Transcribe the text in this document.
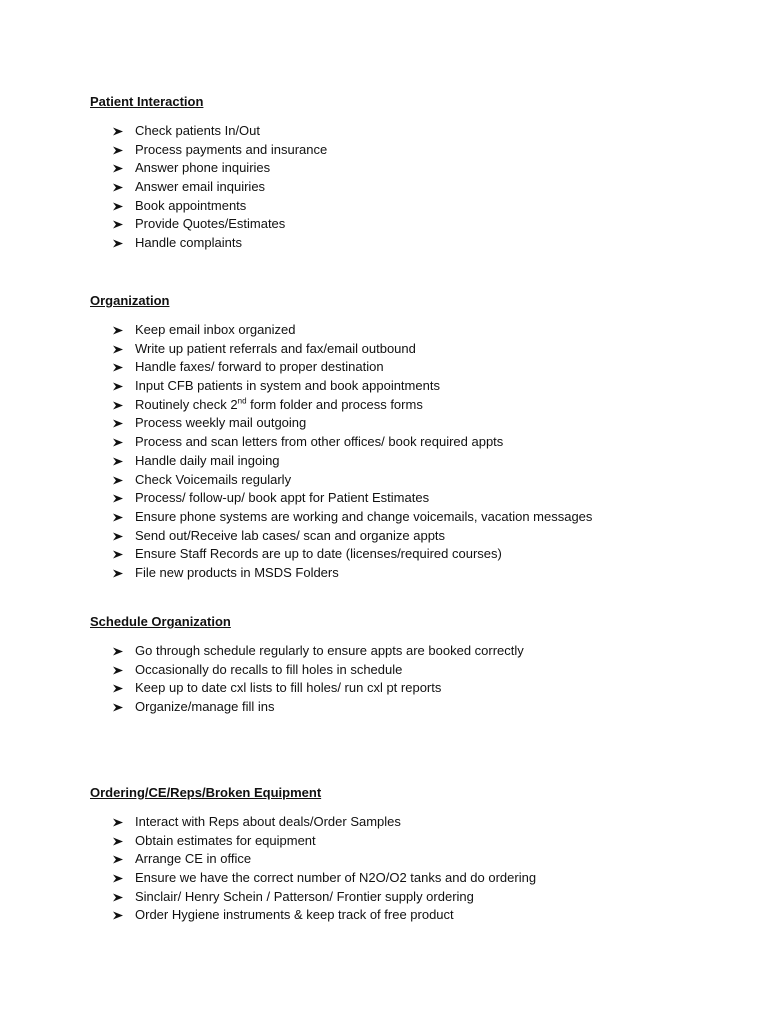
Patient Interaction
Check patients In/Out
Process payments and insurance
Answer phone inquiries
Answer email inquiries
Book appointments
Provide Quotes/Estimates
Handle complaints
Organization
Keep email inbox organized
Write up patient referrals and fax/email outbound
Handle faxes/ forward to proper destination
Input CFB patients in system and book appointments
Routinely check 2nd form folder and process forms
Process weekly mail outgoing
Process and scan letters from other offices/ book required appts
Handle daily mail ingoing
Check Voicemails regularly
Process/ follow-up/ book appt for Patient Estimates
Ensure phone systems are working and change voicemails, vacation messages
Send out/Receive lab cases/ scan and organize appts
Ensure Staff Records are up to date (licenses/required courses)
File new products in MSDS Folders
Schedule Organization
Go through schedule regularly to ensure appts are booked correctly
Occasionally do recalls to fill holes in schedule
Keep up to date cxl lists to fill holes/ run cxl pt reports
Organize/manage fill ins
Ordering/CE/Reps/Broken Equipment
Interact with Reps about deals/Order Samples
Obtain estimates for equipment
Arrange CE in office
Ensure we have the correct number of N2O/O2 tanks and do ordering
Sinclair/ Henry Schein / Patterson/ Frontier supply ordering
Order Hygiene instruments & keep track of free product
